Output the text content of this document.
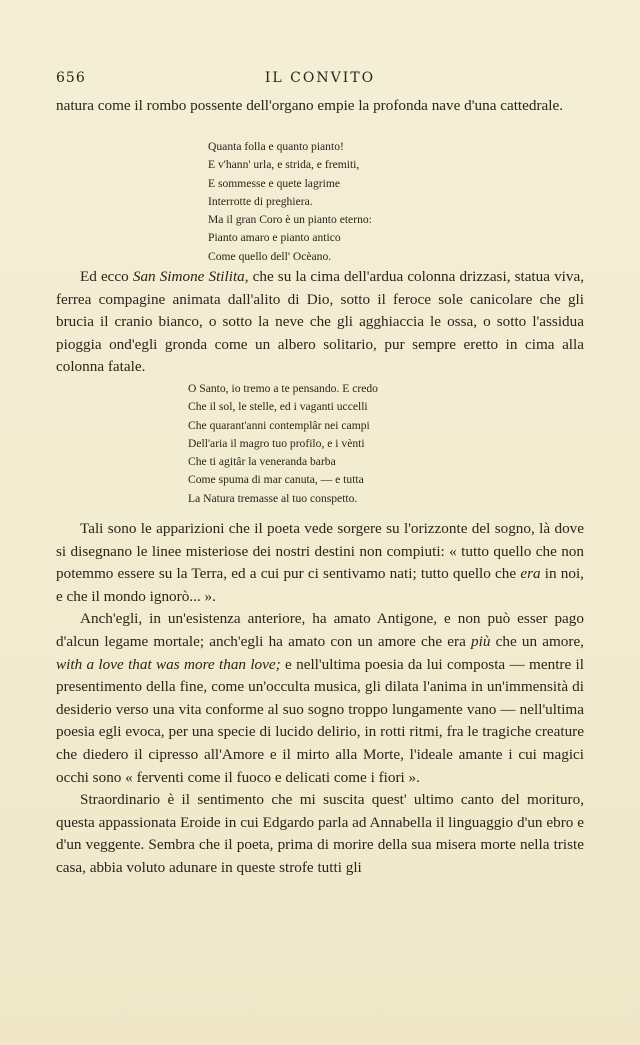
656	IL CONVITO

natura come il rombo possente dell'organo empie la profonda nave d'una cattedrale.

Quanta folla e quanto pianto!
E v'hann' urla, e strida, e fremiti,
E sommesse e quete lagrime
Interrotte di preghiera.
Ma il gran Coro è un pianto eterno:
Pianto amaro e pianto antico
Come quello dell' Ocèano.

Ed ecco San Simone Stilita, che su la cima dell'ardua colonna drizzasi, statua viva, ferrea compagine animata dall'alito di Dio, sotto il feroce sole canicolare che gli brucia il cranio bianco, o sotto la neve che gli agghiaccia le ossa, o sotto l'assidua pioggia ond'egli gronda come un albero solitario, pur sempre eretto in cima alla colonna fatale.

O Santo, io tremo a te pensando. E credo
Che il sol, le stelle, ed i vaganti uccelli
Che quarant'anni contemplâr nei campi
Dell'aria il magro tuo profilo, e i vènti
Che ti agitâr la veneranda barba
Come spuma di mar canuta, — e tutta
La Natura tremasse al tuo conspetto.

Tali sono le apparizioni che il poeta vede sorgere su l'orizzonte del sogno, là dove si disegnano le linee misteriose dei nostri destini non compiuti: « tutto quello che non potemmo essere su la Terra, ed a cui pur ci sentivamo nati; tutto quello che era in noi, e che il mondo ignorò... ».

Anch'egli, in un'esistenza anteriore, ha amato Antigone, e non può esser pago d'alcun legame mortale; anch'egli ha amato con un amore che era più che un amore, with a love that was more than love; e nell'ultima poesia da lui composta — mentre il presentimento della fine, come un'occulta musica, gli dilata l'anima in un'immensità di desiderio verso una vita conforme al suo sogno troppo lungamente vano — nell'ultima poesia egli evoca, per una specie di lucido delirio, in rotti ritmi, fra le tragiche creature che diedero il cipresso all'Amore e il mirto alla Morte, l'ideale amante i cui magici occhi sono « ferventi come il fuoco e delicati come i fiori ».

Straordinario è il sentimento che mi suscita quest' ultimo canto del morituro, questa appassionata Eroide in cui Edgardo parla ad Annabella il linguaggio d'un ebro e d'un veggente. Sembra che il poeta, prima di morire della sua misera morte nella triste casa, abbia voluto adunare in queste strofe tutti gli
